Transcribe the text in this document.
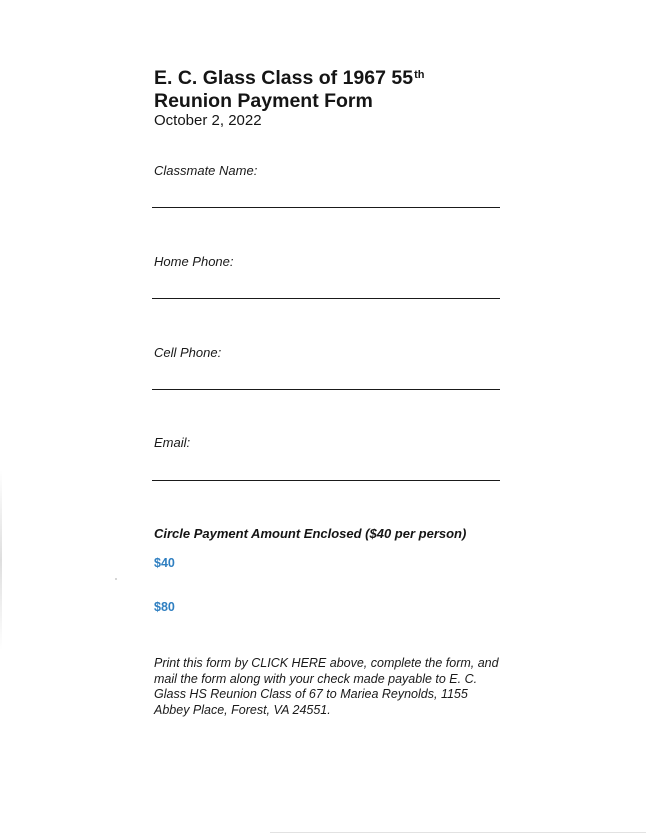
E. C. Glass Class of 1967 55th
Reunion Payment Form
October 2, 2022
Classmate Name:
Home Phone:
Cell Phone:
Email:
Circle Payment Amount Enclosed ($40 per person)
$40
$80
Print this form by CLICK HERE above, complete the form, and mail the form along with your check made payable to E. C. Glass HS Reunion Class of 67 to Mariea Reynolds, 1155 Abbey Place, Forest, VA 24551.
